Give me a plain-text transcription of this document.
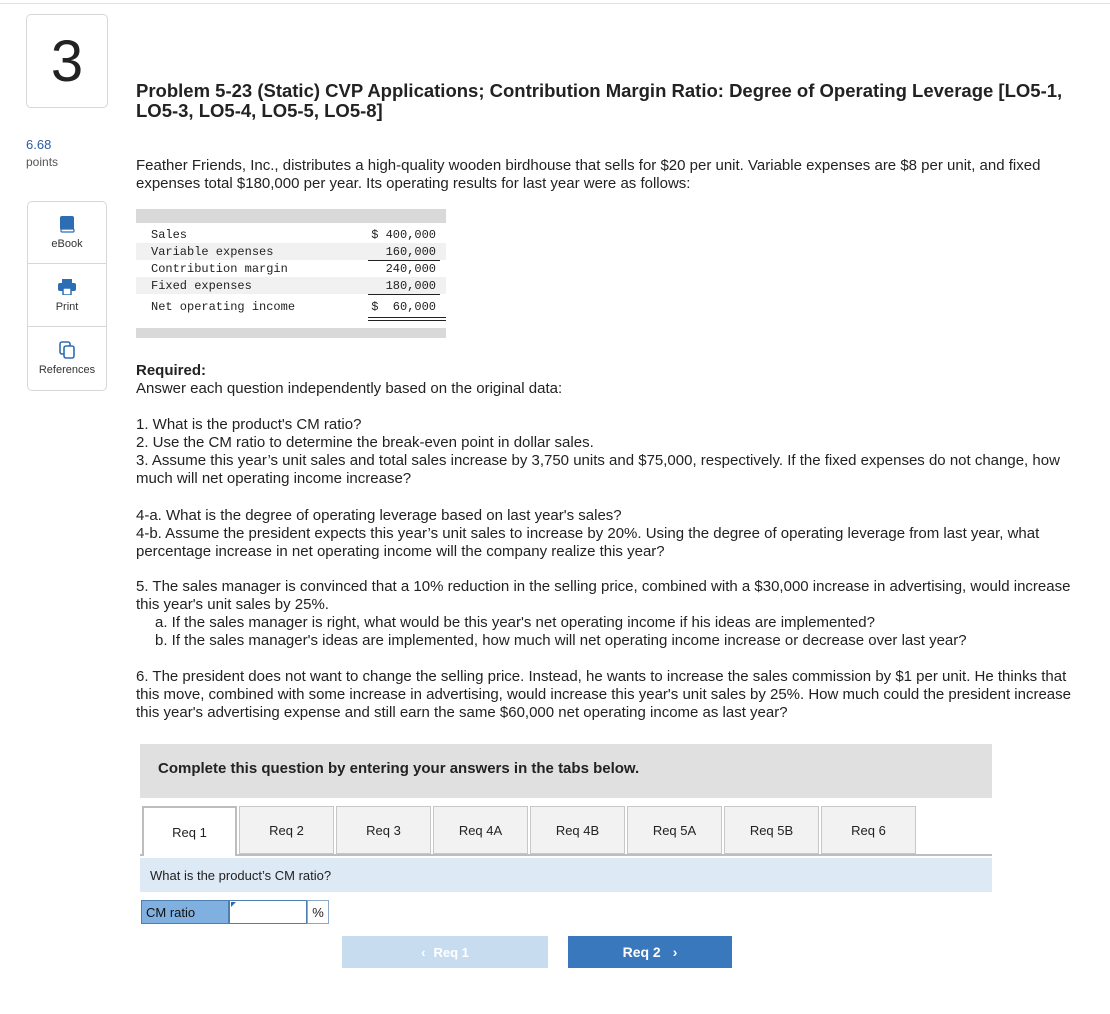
3
6.68
points
eBook
Print
References
Problem 5-23 (Static) CVP Applications; Contribution Margin Ratio: Degree of Operating Leverage [LO5-1, LO5-3, LO5-4, LO5-5, LO5-8]
Feather Friends, Inc., distributes a high-quality wooden birdhouse that sells for $20 per unit. Variable expenses are $8 per unit, and fixed expenses total $180,000 per year. Its operating results for last year were as follows:
Sales	$ 400,000
Variable expenses	160,000
Contribution margin	240,000
Fixed expenses	180,000
Net operating income	$  60,000
Required:
Answer each question independently based on the original data:

1. What is the product's CM ratio?

2. Use the CM ratio to determine the break-even point in dollar sales.

3. Assume this year’s unit sales and total sales increase by 3,750 units and $75,000, respectively. If the fixed expenses do not change, how much will net operating income increase?

4-a. What is the degree of operating leverage based on last year's sales?

4-b. Assume the president expects this year’s unit sales to increase by 20%. Using the degree of operating leverage from last year, what percentage increase in net operating income will the company realize this year?

5. The sales manager is convinced that a 10% reduction in the selling price, combined with a $30,000 increase in advertising, would increase this year's unit sales by 25%.

a. If the sales manager is right, what would be this year's net operating income if his ideas are implemented?

b. If the sales manager's ideas are implemented, how much will net operating income increase or decrease over last year?

6. The president does not want to change the selling price. Instead, he wants to increase the sales commission by $1 per unit. He thinks that this move, combined with some increase in advertising, would increase this year's unit sales by 25%. How much could the president increase this year's advertising expense and still earn the same $60,000 net operating income as last year?

Complete this question by entering your answers in the tabs below.
Req 1	Req 2	Req 3	Req 4A	Req 4B	Req 5A	Req 5B	Req 6
What is the product’s CM ratio?
CM ratio	%
‹ Req 1	Req 2 ›
